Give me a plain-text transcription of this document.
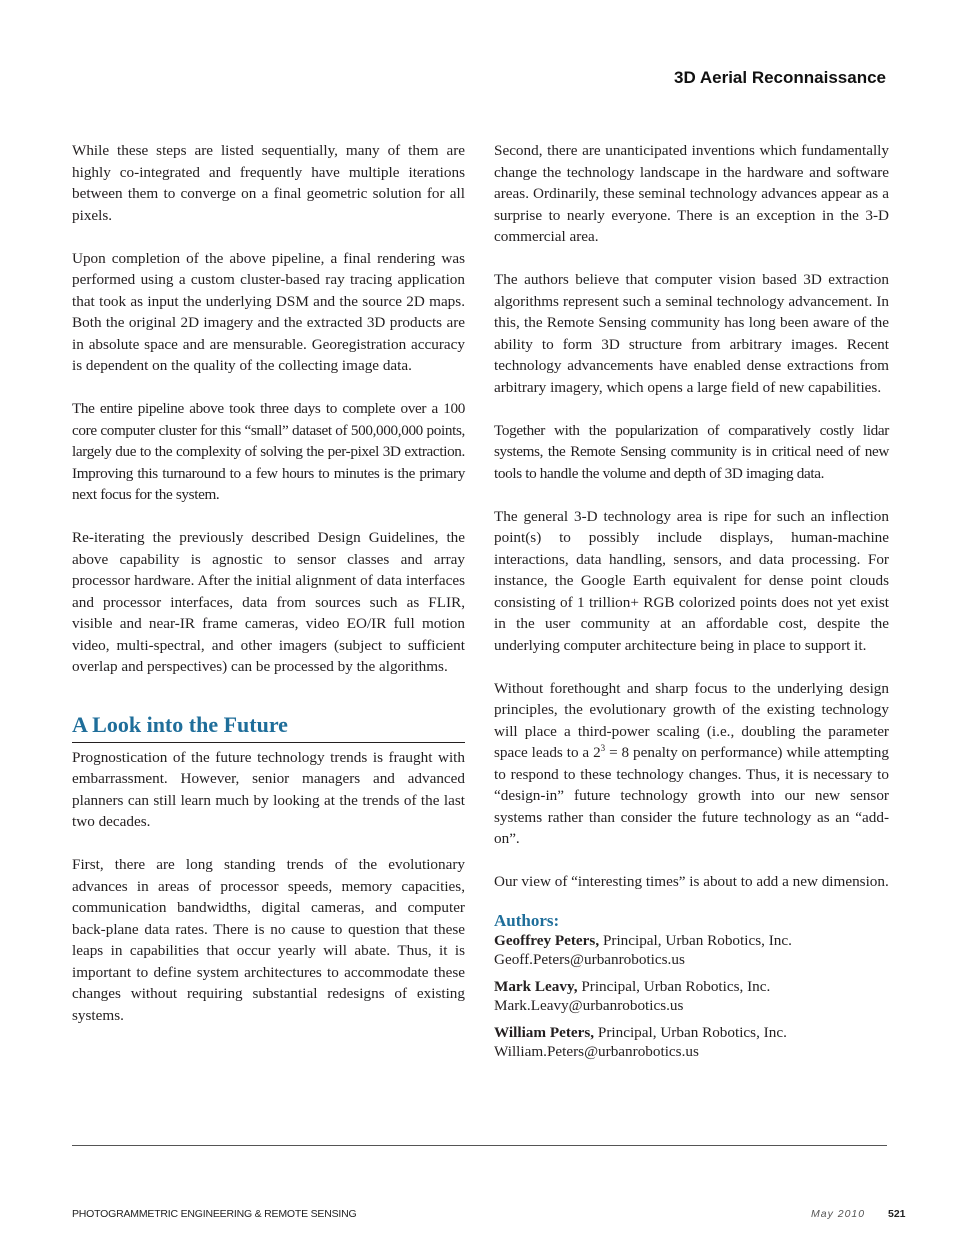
3D Aerial Reconnaissance

While these steps are listed sequentially, many of them are highly co-integrated and frequently have multiple iterations between them to converge on a final geometric solution for all pixels.

Upon completion of the above pipeline, a final rendering was performed using a custom cluster-based ray tracing application that took as input the underlying DSM and the source 2D maps. Both the original 2D imagery and the extracted 3D products are in absolute space and are mensurable. Georegistration accuracy is dependent on the quality of the collecting image data.

The entire pipeline above took three days to complete over a 100 core computer cluster for this “small” dataset of 500,000,000 points, largely due to the complexity of solving the per-pixel 3D extraction. Improving this turnaround to a few hours to minutes is the primary next focus for the system.

Re-iterating the previously described Design Guidelines, the above capability is agnostic to sensor classes and array processor hardware. After the initial alignment of data interfaces and processor interfaces, data from sources such as FLIR, visible and near-IR frame cameras, video EO/IR full motion video, multi-spectral, and other imagers (subject to sufficient overlap and perspectives) can be processed by the algorithms.

A Look into the Future

Prognostication of the future technology trends is fraught with embarrassment. However, senior managers and advanced planners can still learn much by looking at the trends of the last two decades.

First, there are long standing trends of the evolutionary advances in areas of processor speeds, memory capacities, communication bandwidths, digital cameras, and computer back-plane data rates. There is no cause to question that these leaps in capabilities that occur yearly will abate. Thus, it is important to define system architectures to accommodate these changes without requiring substantial redesigns of existing systems.

Second, there are unanticipated inventions which fundamentally change the technology landscape in the hardware and software areas. Ordinarily, these seminal technology advances appear as a surprise to nearly everyone. There is an exception in the 3-D commercial area.

The authors believe that computer vision based 3D extraction algorithms represent such a seminal technology advancement. In this, the Remote Sensing community has long been aware of the ability to form 3D structure from arbitrary images. Recent technology advancements have enabled dense extractions from arbitrary imagery, which opens a large field of new capabilities.

Together with the popularization of comparatively costly lidar systems, the Remote Sensing community is in critical need of new tools to handle the volume and depth of 3D imaging data.

The general 3-D technology area is ripe for such an inflection point(s) to possibly include displays, human-machine interactions, data handling, sensors, and data processing. For instance, the Google Earth equivalent for dense point clouds consisting of 1 trillion+ RGB colorized points does not yet exist in the user community at an affordable cost, despite the underlying computer architecture being in place to support it.

Without forethought and sharp focus to the underlying design principles, the evolutionary growth of the existing technology will place a third-power scaling (i.e., doubling the parameter space leads to a $2^3 = 8$ penalty on performance) while attempting to respond to these technology changes. Thus, it is necessary to “design-in” future technology growth into our new sensor systems rather than consider the future technology as an “add-on”.

Our view of “interesting times” is about to add a new dimension.

Authors:
Geoffrey Peters, Principal, Urban Robotics, Inc.
Geoff.Peters@urbanrobotics.us
Mark Leavy, Principal, Urban Robotics, Inc.
Mark.Leavy@urbanrobotics.us
William Peters, Principal, Urban Robotics, Inc.
William.Peters@urbanrobotics.us
PHOTOGRAMMETRIC ENGINEERING & REMOTE SENSING	May 2010 521
